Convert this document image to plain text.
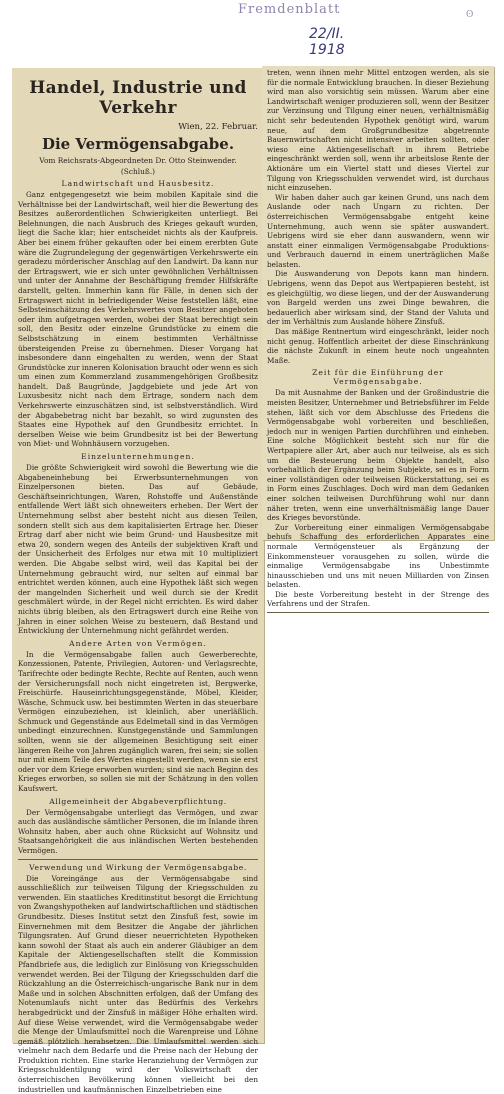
Fremdenblatt
22/II. 1918
ʘ
Handel, Industrie und Verkehr
Wien, 22. Februar.
Die Vermögensabgabe.
Vom Reichsrats-Abgeordneten Dr. Otto Steinwender.
(Schluß.)
Landwirtschaft und Hausbesitz.

Ganz entgegengesetzt wie beim mobilen Kapitale sind die Verhältnisse bei der Landwirtschaft, weil hier die Bewertung des Besitzes außerordentlichen Schwierigkeiten unterliegt. Bei Belehnungen, die nach Ausbruch des Krieges gekauft wurden, liegt die Sache klar; hier entscheidet nichts als der Kaufpreis. Aber bei einem früher gekauften oder bei einem ererbten Gute wäre die Zugrundelegung der gegenwärtigen Verkehrswerte ein geradezu mörderischer Anschlag auf den Landwirt. Da kann nur der Ertragswert, wie er sich unter gewöhnlichen Verhältnissen und unter der Annahme der Beschäftigung fremder Hilfskräfte darstellt, gelten. Immerhin kann für Fälle, in denen sich der Ertragswert nicht in befriedigender Weise feststellen läßt, eine Selbsteinschätzung des Verkehrswertes vom Besitzer angeboten oder ihm aufgetragen werden, wobei der Staat berechtigt sein soll, den Besitz oder einzelne Grundstücke zu einem die Selbstschätzung in einem bestimmten Verhältnisse übersteigenden Preise zu übernehmen. Dieser Vorgang hat insbesondere dann eingehalten zu werden, wenn der Staat Grundstücke zur inneren Kolonisation braucht oder wenn es sich um einen zum Kommerzland zusammengehörigen Großbesitz handelt. Daß Baugründe, Jagdgebiete und jede Art von Luxusbesitz nicht nach dem Ertrage, sondern nach dem Verkehrswerte einzuschätzen sind, ist selbstverständlich. Wird der Abgabebetrag nicht bar bezahlt, so wird zugunsten des Staates eine Hypothek auf den Grundbesitz errichtet. In derselben Weise wie beim Grundbesitz ist bei der Bewertung von Miet- und Wohnhäusern vorzugehen.

Einzelunternehmungen.

Die größte Schwierigkeit wird sowohl die Bewertung wie die Abgabeneinhebung bei Erwerbsunternehmungen von Einzelpersonen bieten. Das auf Gebäude, Geschäftseinrichtungen, Waren, Rohstoffe und Außenstände entfallende Wert läßt sich ohneweiters erheben. Der Wert der Unternehmung selbst aber besteht nicht aus diesen Teilen, sondern stellt sich aus dem kapitalisierten Ertrage her. Dieser Ertrag darf aber nicht wie beim Grund- und Hausbesitze mit etwa 20, sondern wegen des Anteils der subjektiven Kraft und der Unsicherheit des Erfolges nur etwa mit 10 multipliziert werden. Die Abgabe selbst wird, weil das Kapital bei der Unternehmung gebraucht wird, nur selten auf einmal bar entrichtet werden können, auch eine Hypothek läßt sich wegen der mangelnden Sicherheit und weil durch sie der Kredit geschmälert würde, in der Regel nicht errichten. Es wird daher nichts übrig bleiben, als den Ertragswert durch eine Reihe von Jahren in einer solchen Weise zu besteuern, daß Bestand und Entwicklung der Unternehmung nicht gefährdet werden.

Andere Arten von Vermögen.

In die Vermögensabgabe fallen auch Gewerberechte, Konzessionen, Patente, Privilegien, Autoren- und Verlagsrechte, Tarifrechte oder bedingte Rechte, Rechte auf Renten, auch wenn der Versicherungsfall noch nicht eingetreten ist, Bergwerke, Freischürfe. Hauseinrichtungsgegenstände, Möbel, Kleider, Wäsche, Schmuck usw. bei bestimmten Werten in das steuerbare Vermögen einzubeziehen, ist kleinlich, aber unerläßlich. Schmuck und Gegenstände aus Edelmetall sind in das Vermögen unbedingt einzurechnen. Kunstgegenstände und Sammlungen sollten, wenn sie der allgemeinen Besichtigung seit einer längeren Reihe von Jahren zugänglich waren, frei sein; sie sollen nur mit einem Teile des Wertes eingestellt werden, wenn sie erst oder vor dem Kriege erworben wurden; sind sie nach Beginn des Krieges erworben, so sollen sie mit der Schätzung in den vollen Kaufswert.

Allgemeinheit der Abgabeverpflichtung.

Der Vermögensabgabe unterliegt das Vermögen, und zwar auch das ausländische sämtlicher Personen, die im Inlande ihren Wohnsitz haben, aber auch ohne Rücksicht auf Wohnsitz und Staatsangehörigkeit die aus inländischen Werten bestehenden Vermögen.

Verwendung und Wirkung der Vermögensabgabe.

Die Voreingänge aus der Vermögensabgabe sind ausschließlich zur teilweisen Tilgung der Kriegsschulden zu verwenden. Ein staatliches Kreditinstitut besorgt die Errichtung von Zwangshypotheken auf landwirtschaftlichen und städtischen Grundbesitz. Dieses Institut setzt den Zinsfuß fest, sowie im Einvernehmen mit dem Besitzer die Angabe der jährlichen Tilgungsraten. Auf Grund dieser neuerrichteten Hypotheken kann sowohl der Staat als auch ein anderer Gläubiger an dem Kapitale der Aktiengesellschaften stellt die Kommission Pfandbriefe aus, die lediglich zur Einlösung von Kriegsschulden verwendet werden. Bei der Tilgung der Kriegsschulden darf die Rückzahlung an die Österreichisch-ungarische Bank nur in dem Maße und in solchen Abschnitten erfolgen, daß der Umfang des Notenumlaufs nicht unter das Bedürfnis des Verkehrs herabgedrückt und der Zinsfuß in mäßiger Höhe erhalten wird. Auf diese Weise verwendet, wird die Vermögensabgabe weder die Menge der Umlaufsmittel noch die Warenpreise und Löhne gemäß plötzlich herabsetzen. Die Umlaufsmittel werden sich vielmehr nach dem Bedarfe und die Preise nach der Hebung der Produktion richten. Eine starke Heranziehung der Vermögen zur Kriegsschuldentilgung wird der Volkswirtschaft der österreichischen Bevölkerung können vielleicht bei den industriellen und kaufmännischen Einzelbetrieben eine

treten, wenn ihnen mehr Mittel entzogen werden, als sie für die normale Entwicklung brauchen. In dieser Beziehung wird man also vorsichtig sein müssen. Warum aber eine Landwirtschaft weniger produzieren soll, wenn der Besitzer zur Verzinsung und Tilgung einer neuen, verhältnismäßig nicht sehr bedeutenden Hypothek genötigt wird, warum neue, auf dem Großgrundbesitze abgetrennte Bauernwirtschaften nicht intensiver arbeiten sollten, oder wieso eine Aktiengesellschaft in ihrem Betriebe eingeschränkt werden soll, wenn ihr arbeitslose Rente der Aktionäre um ein Viertel statt und dieses Viertel zur Tilgung von Kriegsschulden verwendet wird, ist durchaus nicht einzusehen.

Wir haben daher auch gar keinen Grund, uns nach dem Auslande oder nach Ungarn zu richten. Der österreichischen Vermögensabgabe entgeht keine Unternehmung, auch wenn sie später auswandert. Uebrigens wird sie eher dann auswandern, wenn wir anstatt einer einmaligen Vermögensabgabe Produktions- und Verbrauch dauernd in einem unerträglichen Maße belasten.

Die Auswanderung von Depots kann man hindern. Uebrigens, wenn das Depot aus Wertpapieren besteht, ist es gleichgültig, wo diese liegen, und der der Auswanderung von Bargeld werden uns zwei Dinge bewahren, die bedauerlich aber wirksam sind, der Stand der Valuta und der im Verhältnis zum Auslande höhere Zinsfuß.

Das mäßige Rentnertum wird eingeschränkt, leider noch nicht genug. Hoffentlich arbeitet der diese Einschränkung die nächste Zukunft in einem heute noch ungeahnten Maße.

Zeit für die Einführung der Vermögensabgabe.

Da mit Ausnahme der Banken und der Großindustrie die meisten Besitzer, Unternehmer und Betriebsführer im Felde stehen, läßt sich vor dem Abschlusse des Friedens die Vermögensabgabe wohl vorbereiten und beschließen, jedoch nur in wenigen Partien durchführen und einheben. Eine solche Möglichkeit besteht sich nur für die Wertpapiere aller Art, aber auch nur teilweise, als es sich um die Besteuerung beim Objekte handelt, also vorbehaltlich der Ergänzung beim Subjekte, sei es in Form einer vollständigen oder teilweisen Rückerstattung, sei es in Form eines Zuschlages. Doch wird man dem Gedanken einer solchen teilweisen Durchführung wohl nur dann näher treten, wenn eine unverhältnismäßig lange Dauer des Krieges bevorstünde.

Zur Vorbereitung einer einmaligen Vermögensabgabe behufs Schaffung des erforderlichen Apparates eine normale Vermögensteuer als Ergänzung der Einkommensteuer vorausgehen zu sollen, würde die einmalige Vermögensabgabe ins Unbestimmte hinausschieben und uns mit neuen Milliarden von Zinsen belasten.

Die beste Vorbereitung besteht in der Strenge des Verfahrens und der Strafen.
